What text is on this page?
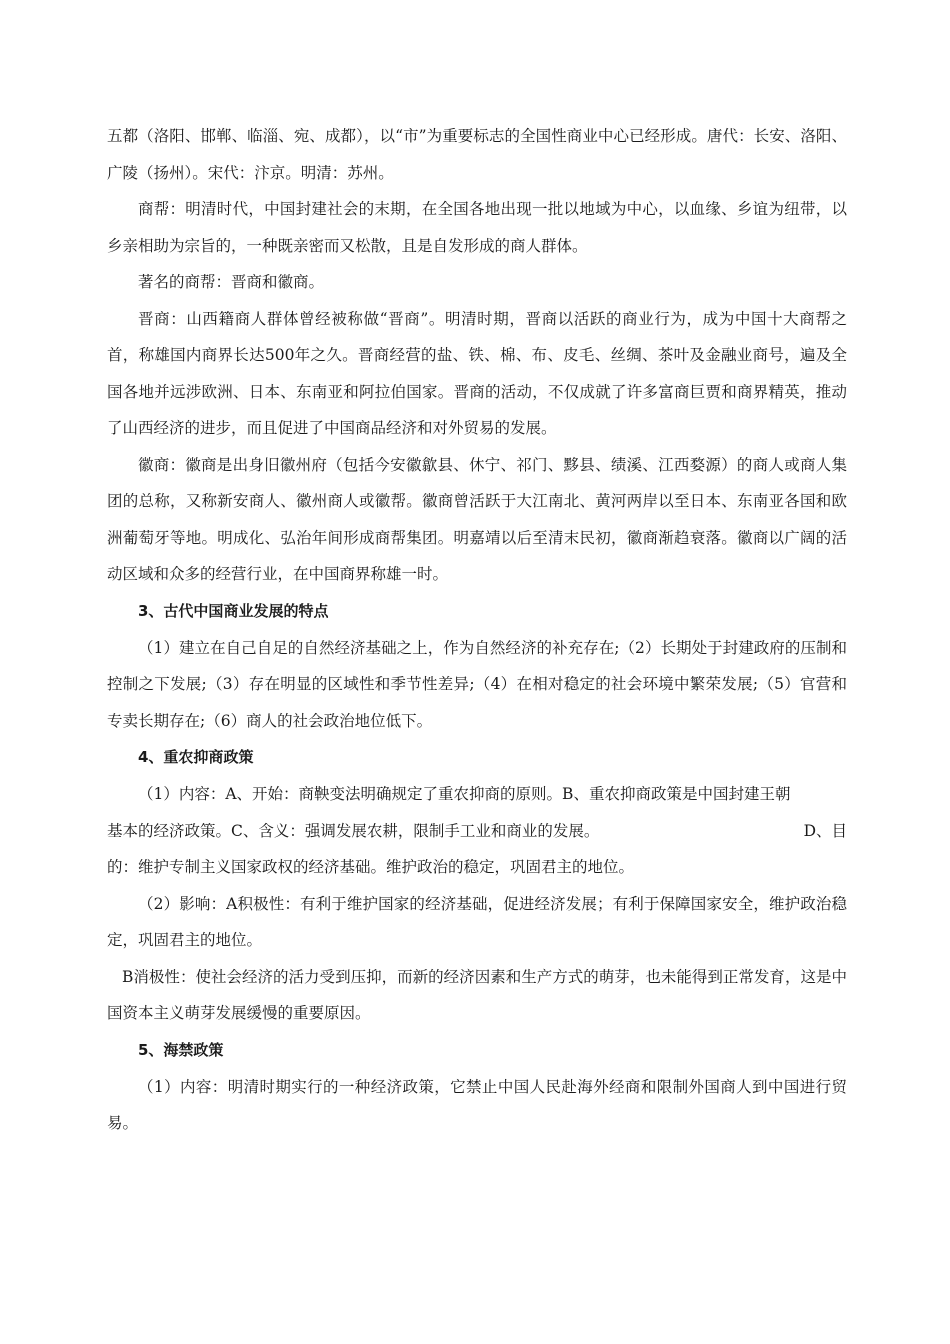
五都（洛阳、邯郸、临淄、宛、成都），以“市”为重要标志的全国性商业中心已经形成。唐代：长安、洛阳、广陵（扬州）。宋代：汴京。明清：苏州。

商帮：明清时代，中国封建社会的末期，在全国各地出现一批以地域为中心，以血缘、乡谊为纽带，以乡亲相助为宗旨的，一种既亲密而又松散，且是自发形成的商人群体。

著名的商帮：晋商和徽商。

晋商：山西籍商人群体曾经被称做“晋商”。明清时期，晋商以活跃的商业行为，成为中国十大商帮之首，称雄国内商界长达500年之久。晋商经营的盐、铁、棉、布、皮毛、丝绸、茶叶及金融业商号，遍及全国各地并远涉欧洲、日本、东南亚和阿拉伯国家。晋商的活动，不仅成就了许多富商巨贾和商界精英，推动了山西经济的进步，而且促进了中国商品经济和对外贸易的发展。

徽商：徽商是出身旧徽州府（包括今安徽歙县、休宁、祁门、黟县、绩溪、江西婺源）的商人或商人集团的总称，又称新安商人、徽州商人或徽帮。徽商曾活跃于大江南北、黄河两岸以至日本、东南亚各国和欧洲葡萄牙等地。明成化、弘治年间形成商帮集团。明嘉靖以后至清末民初，徽商渐趋衰落。徽商以广阔的活动区域和众多的经营行业，在中国商界称雄一时。

3、古代中国商业发展的特点

（1）建立在自己自足的自然经济基础之上，作为自然经济的补充存在;（2）长期处于封建政府的压制和控制之下发展;（3）存在明显的区域性和季节性差异;（4）在相对稳定的社会环境中繁荣发展;（5）官营和专卖长期存在;（6）商人的社会政治地位低下。

4、重农抑商政策

（1）内容：A、开始：商鞅变法明确规定了重农抑商的原则。B、重农抑商政策是中国封建王朝

基本的经济政策。C、含义：强调发展农耕，限制手工业和商业的发展。	D、目

的：维护专制主义国家政权的经济基础。维护政治的稳定，巩固君主的地位。

（2）影响：A积极性：有利于维护国家的经济基础，促进经济发展；有利于保障国家安全，维护政治稳定，巩固君主的地位。

B消极性：使社会经济的活力受到压抑，而新的经济因素和生产方式的萌芽，也未能得到正常发育，这是中国资本主义萌芽发展缓慢的重要原因。

5、海禁政策

（1）内容：明清时期实行的一种经济政策，它禁止中国人民赴海外经商和限制外国商人到中国进行贸易。
